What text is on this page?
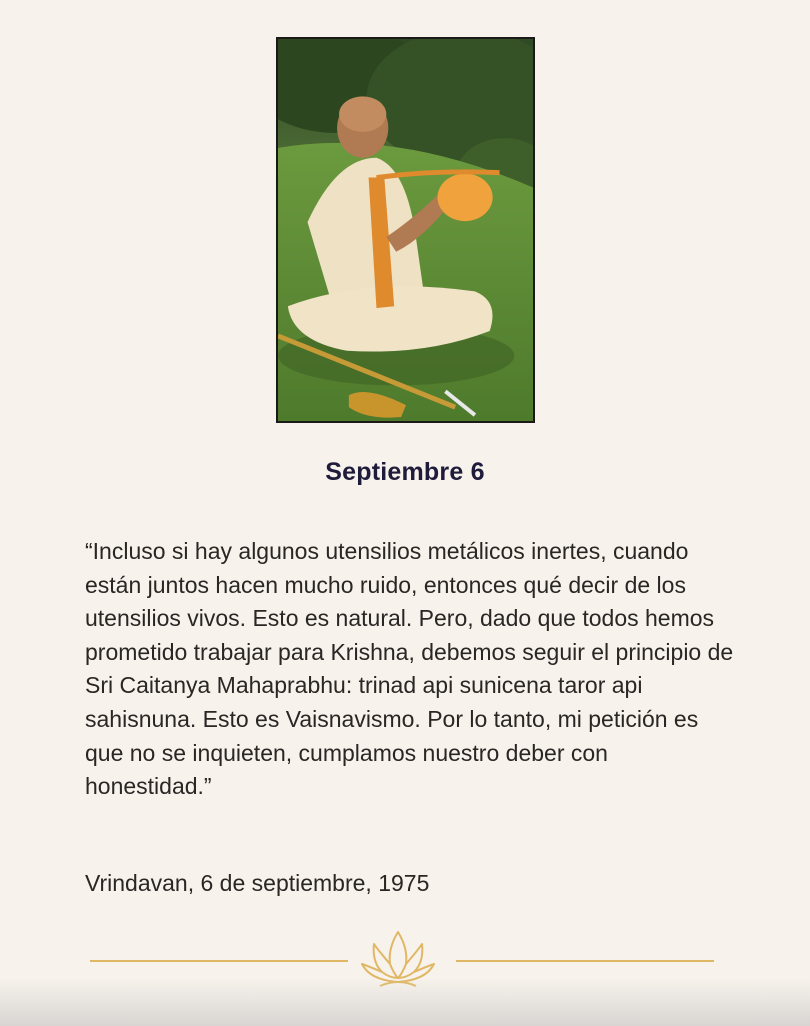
Septiembre 6

“Incluso si hay algunos utensilios metálicos inertes, cuando están juntos hacen mucho ruido, entonces qué decir de los utensilios vivos. Esto es natural. Pero, dado que todos hemos prometido trabajar para Krishna, debemos seguir el principio de Sri Caitanya Mahaprabhu: trinad api sunicena taror api sahisnuna. Esto es Vaisnavismo. Por lo tanto, mi petición es que no se inquieten, cumplamos nuestro deber con honestidad.”

Vrindavan, 6 de septiembre, 1975
